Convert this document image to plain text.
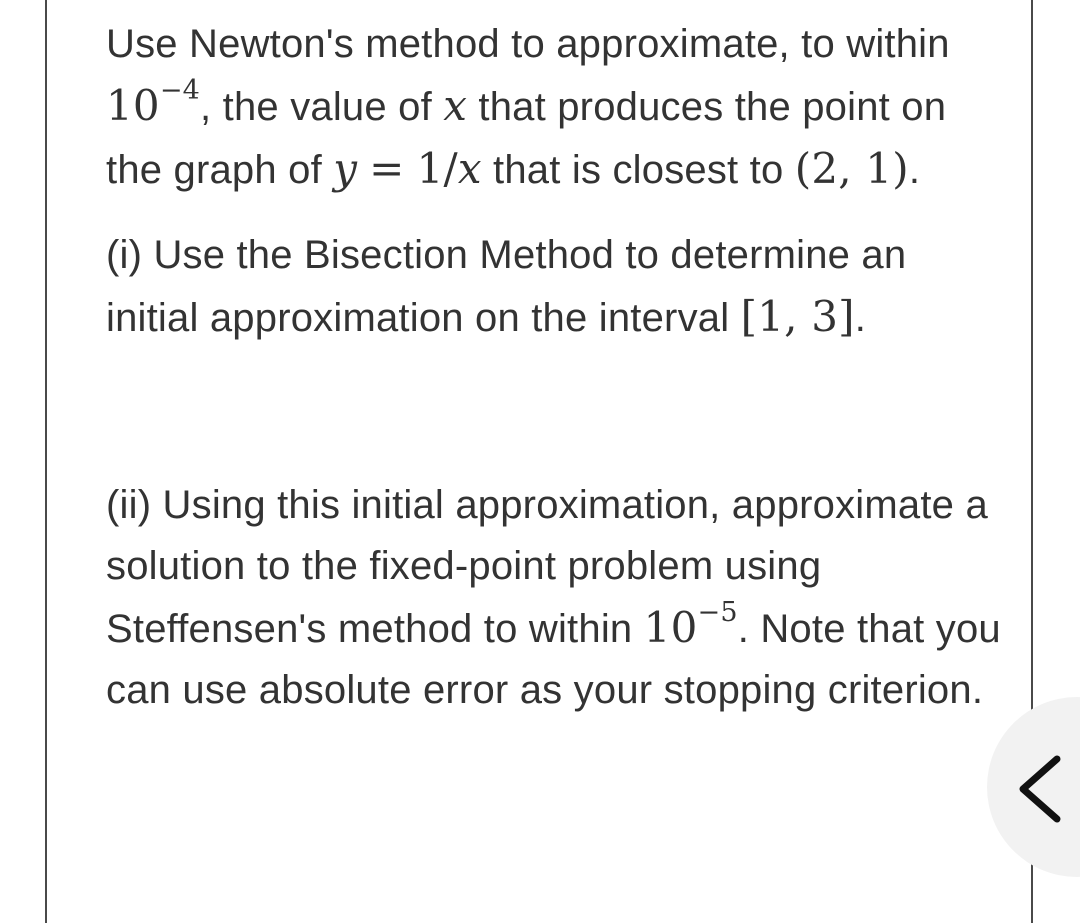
Use Newton's method to approximate, to within $10^{-4}$, the value of x that produces the point on the graph of y = 1/x that is closest to (2, 1).

(i) Use the Bisection Method to determine an initial approximation on the interval [1, 3].

(ii) Using this initial approximation, approximate a solution to the fixed-point problem using Steffensen's method to within $10^{-5}$. Note that you can use absolute error as your stopping criterion.
